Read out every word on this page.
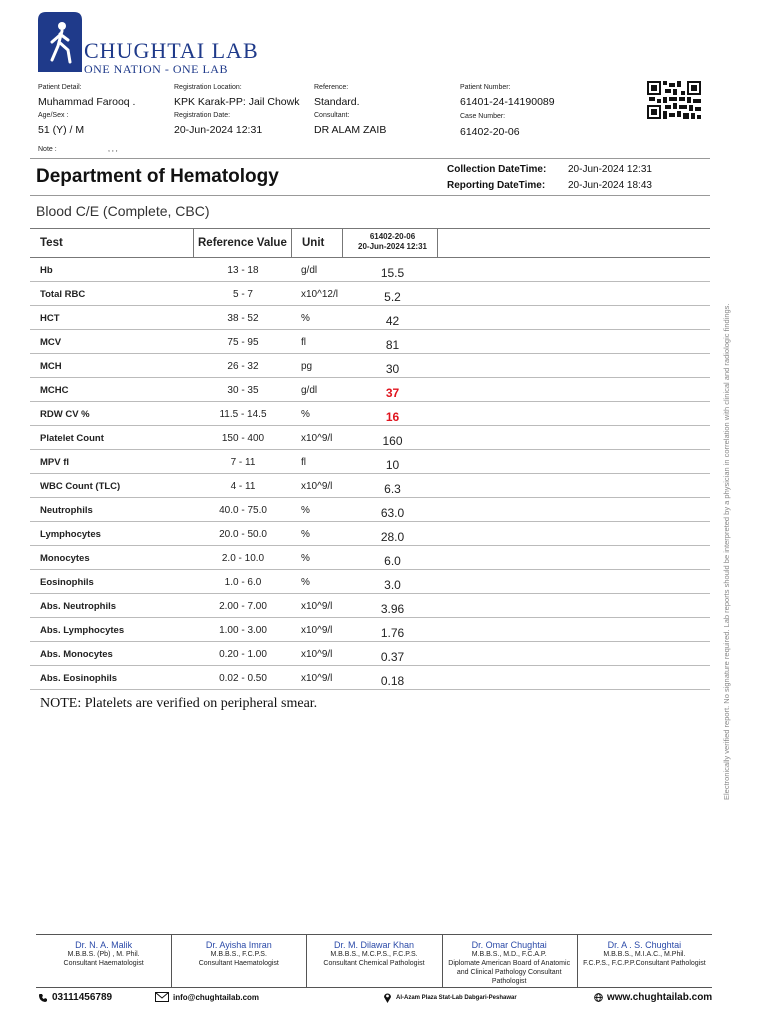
CHUGHTAI LAB
ONE NATION - ONE LAB
Patient Detail:
Muhammad Farooq .
Age/Sex :
51 (Y) / M
Note :	, , ,
Registration Location:
KPK Karak-PP: Jail Chowk
Registration Date:
20-Jun-2024 12:31
Reference:
Standard.
Consultant:
DR ALAM ZAIB
Patient Number:
61401-24-14190089
Case Number:
61402-20-06
Department of Hematology	Collection DateTime: 20-Jun-2024 12:31
Reporting DateTime: 20-Jun-2024 18:43
Blood C/E (Complete, CBC)
Test	Reference Value Unit
61402-20-06
20-Jun-2024 12:31
Hb	13 - 18	g/dl	15.5
Total RBC	5 - 7	x10^12/l	5.2
HCT	38 - 52	%	42
MCV	75 - 95	fl	81
MCH	26 - 32	pg	30
MCHC	30 - 35	g/dl	37
RDW CV %	11.5 - 14.5	%	16
Platelet Count	150 - 400	x10^9/l	160
MPV fl	7 - 11	fl	10
WBC Count (TLC)	4 - 11	x10^9/l	6.3
Neutrophils	40.0 - 75.0	%	63.0
Lymphocytes	20.0 - 50.0	%	28.0
Monocytes	2.0 - 10.0	%	6.0
Eosinophils	1.0 - 6.0	%	3.0
Abs. Neutrophils	2.00 - 7.00	x10^9/l	3.96
Abs. Lymphocytes	1.00 - 3.00	x10^9/l	1.76
Abs. Monocytes	0.20 - 1.00	x10^9/l	0.37
Abs. Eosinophils	0.02 - 0.50	x10^9/l	0.18
NOTE: Platelets are verified on peripheral smear.	Electronically verified report. No signature required. Lab reports should be interpreted by a physician in correlation with clinical and radiologic findings.
Dr. N. A. Malik
M.B.B.S. (Pb) , M. Phil.
Consultant Haematologist
Dr. Ayisha Imran
M.B.B.S., F.C.P.S.
Consultant Haematologist
Dr. M. Dilawar Khan
M.B.B.S., M.C.P.S., F.C.P.S.
Consultant Chemical Pathologist
Dr. Omar Chughtai
M.B.B.S., M.D., F.C.A.P.
Diplomate American Board of Anatomic
and Clinical Pathology Consultant
Pathologist
Dr. A . S. Chughtai
M.B.B.S., M.I.A.C., M.Phil.
F.C.P.S., F.C.P.P.Consultant Pathologist
03111456789	info@chughtailab.com	Al-Azam Plaza Stat-Lab Dabgari-Peshawar	www.chughtailab.com
